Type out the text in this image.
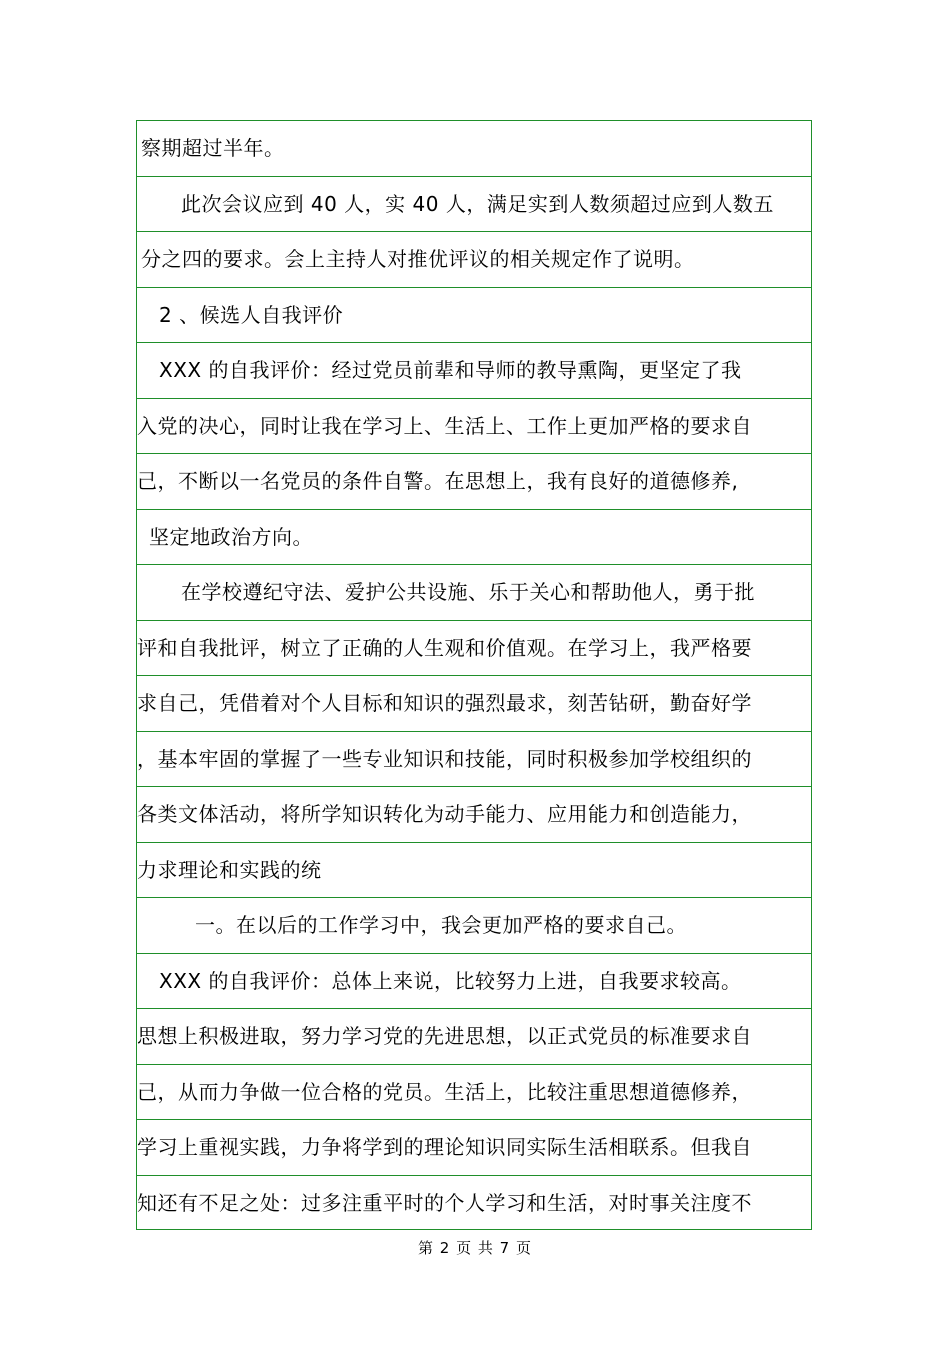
察期超过半年。
此次会议应到 40 人，实 40 人，满足实到人数须超过应到人数五
分之四的要求。会上主持人对推优评议的相关规定作了说明。
2 、候选人自我评价
XXX 的自我评价：经过党员前辈和导师的教导熏陶，更坚定了我
入党的决心，同时让我在学习上、生活上、工作上更加严格的要求自
己，不断以一名党员的条件自警。在思想上，我有良好的道德修养,
坚定地政治方向。
在学校遵纪守法、爱护公共设施、乐于关心和帮助他人，勇于批
评和自我批评，树立了正确的人生观和价值观。在学习上，我严格要
求自己，凭借着对个人目标和知识的强烈最求，刻苦钻研，勤奋好学
，基本牢固的掌握了一些专业知识和技能，同时积极参加学校组织的
各类文体活动，将所学知识转化为动手能力、应用能力和创造能力，
力求理论和实践的统
一。在以后的工作学习中，我会更加严格的要求自己。
XXX 的自我评价：总体上来说，比较努力上进，自我要求较高。
思想上积极进取，努力学习党的先进思想，以正式党员的标准要求自
己，从而力争做一位合格的党员。生活上，比较注重思想道德修养，
学习上重视实践，力争将学到的理论知识同实际生活相联系。但我自
知还有不足之处：过多注重平时的个人学习和生活，对时事关注度不
第 2 页 共 7 页
